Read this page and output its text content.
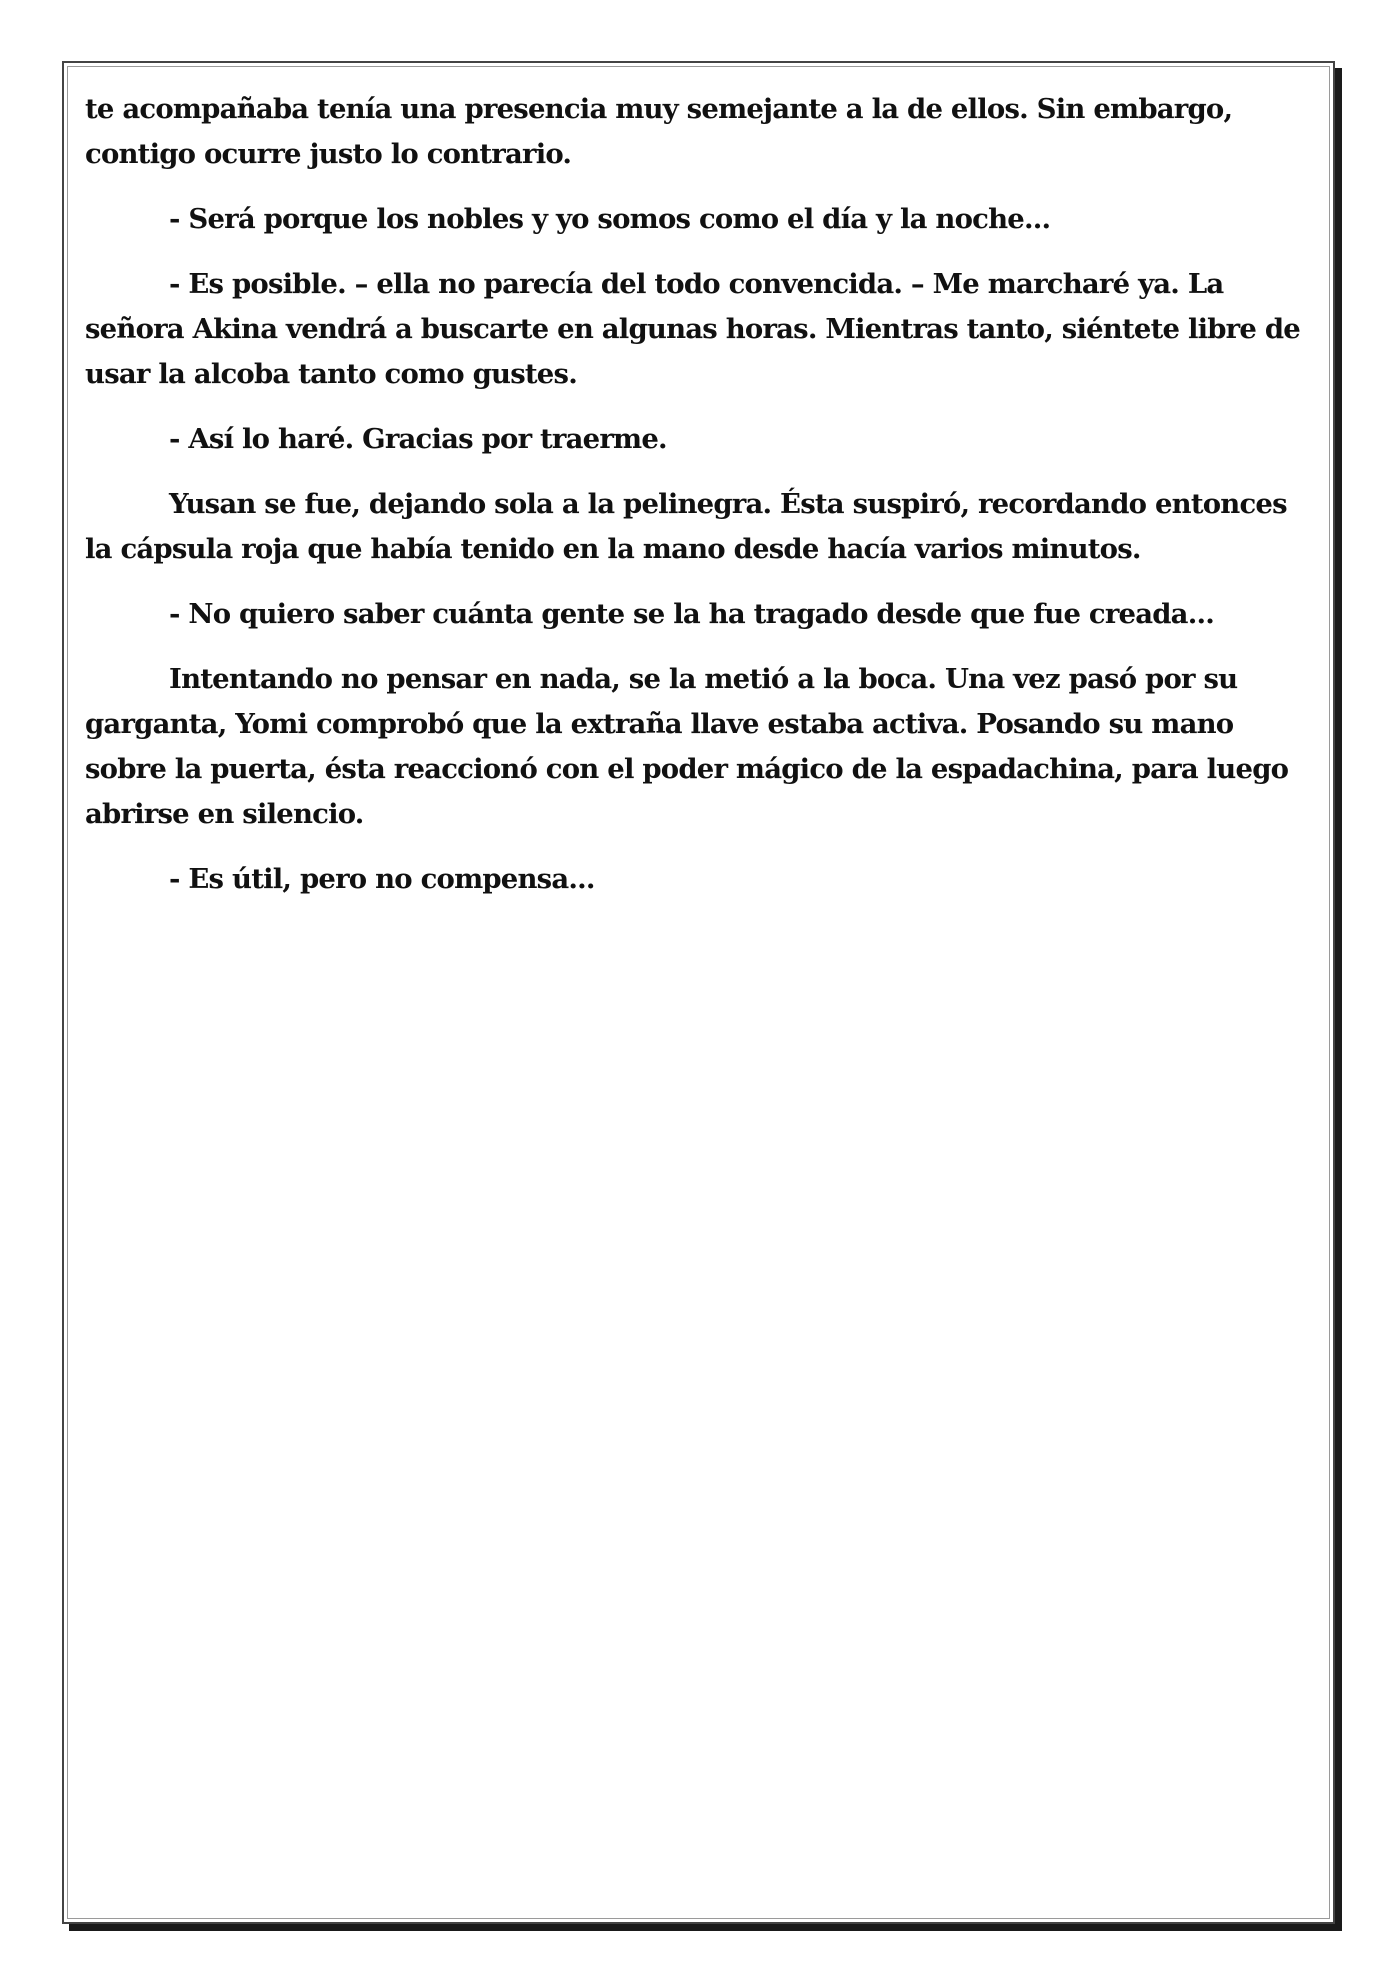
te acompañaba tenía una presencia muy semejante a la de ellos. Sin embargo, contigo ocurre justo lo contrario.

- Será porque los nobles y yo somos como el día y la noche...

- Es posible. – ella no parecía del todo convencida. – Me marcharé ya. La señora Akina vendrá a buscarte en algunas horas. Mientras tanto, siéntete libre de usar la alcoba tanto como gustes.

- Así lo haré. Gracias por traerme.

Yusan se fue, dejando sola a la pelinegra. Ésta suspiró, recordando entonces la cápsula roja que había tenido en la mano desde hacía varios minutos.

- No quiero saber cuánta gente se la ha tragado desde que fue creada...

Intentando no pensar en nada, se la metió a la boca. Una vez pasó por su garganta, Yomi comprobó que la extraña llave estaba activa. Posando su mano sobre la puerta, ésta reaccionó con el poder mágico de la espadachina, para luego abrirse en silencio.

- Es útil, pero no compensa...
